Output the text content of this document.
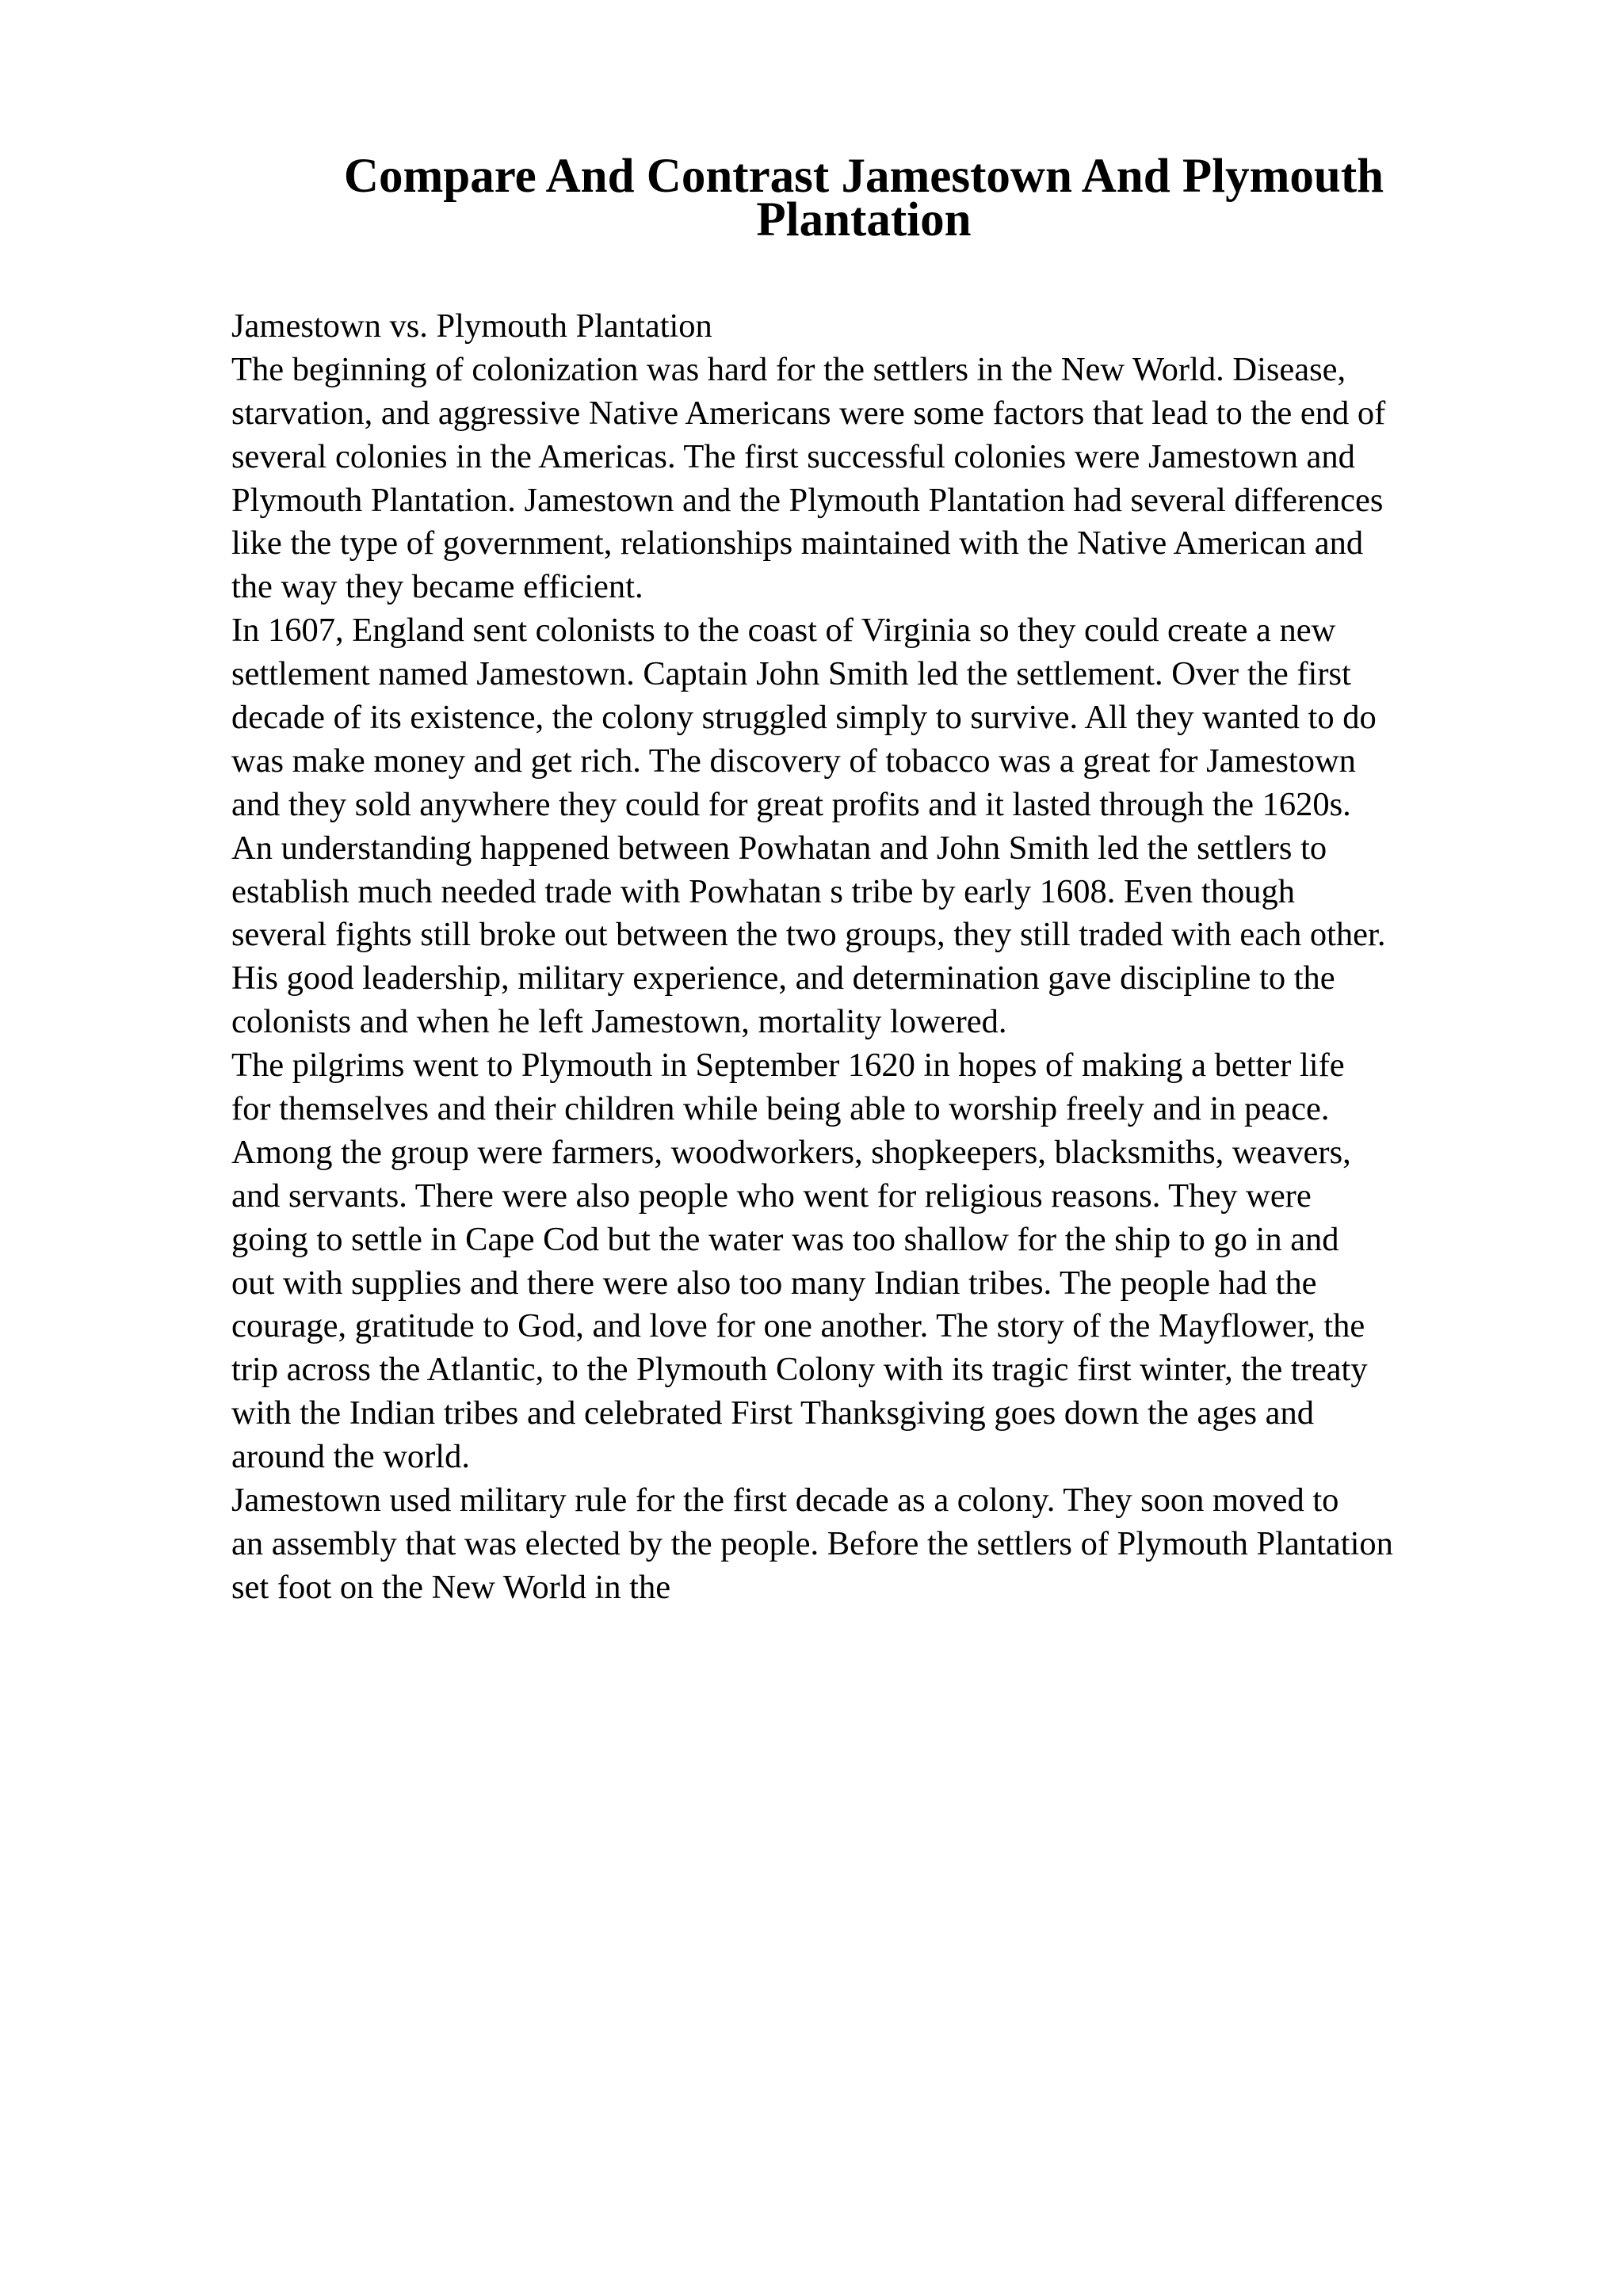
Compare And Contrast Jamestown And Plymouth
Plantation
Jamestown vs. Plymouth Plantation
The beginning of colonization was hard for the settlers in the New World. Disease,
starvation, and aggressive Native Americans were some factors that lead to the end of
several colonies in the Americas. The first successful colonies were Jamestown and
Plymouth Plantation. Jamestown and the Plymouth Plantation had several differences
like the type of government, relationships maintained with the Native American and
the way they became efficient.
In 1607, England sent colonists to the coast of Virginia so they could create a new
settlement named Jamestown. Captain John Smith led the settlement. Over the first
decade of its existence, the colony struggled simply to survive. All they wanted to do
was make money and get rich. The discovery of tobacco was a great for Jamestown
and they sold anywhere they could for great profits and it lasted through the 1620s.
An understanding happened between Powhatan and John Smith led the settlers to
establish much needed trade with Powhatan s tribe by early 1608. Even though
several fights still broke out between the two groups, they still traded with each other.
His good leadership, military experience, and determination gave discipline to the
colonists and when he left Jamestown, mortality lowered.
The pilgrims went to Plymouth in September 1620 in hopes of making a better life
for themselves and their children while being able to worship freely and in peace.
Among the group were farmers, woodworkers, shopkeepers, blacksmiths, weavers,
and servants. There were also people who went for religious reasons. They were
going to settle in Cape Cod but the water was too shallow for the ship to go in and
out with supplies and there were also too many Indian tribes. The people had the
courage, gratitude to God, and love for one another. The story of the Mayflower, the
trip across the Atlantic, to the Plymouth Colony with its tragic first winter, the treaty
with the Indian tribes and celebrated First Thanksgiving goes down the ages and
around the world.
Jamestown used military rule for the first decade as a colony. They soon moved to
an assembly that was elected by the people. Before the settlers of Plymouth Plantation
set foot on the New World in the
